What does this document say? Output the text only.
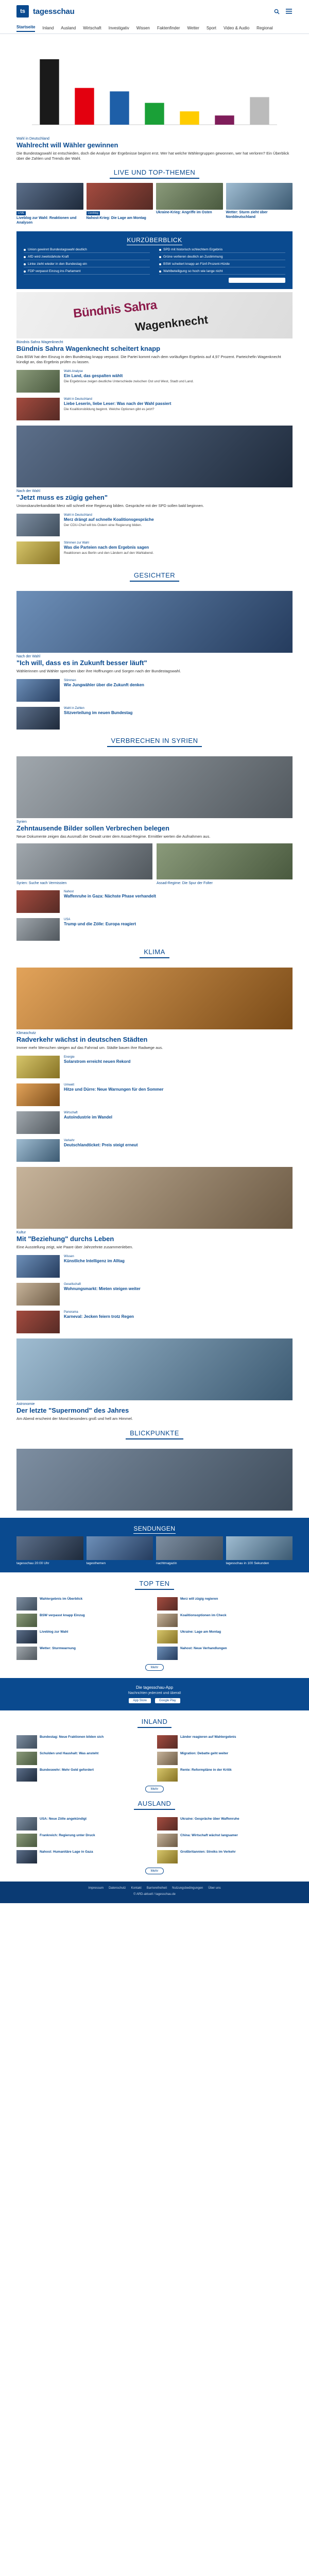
ts	tagesschau
Startseite Inland Ausland Wirtschaft Investigativ Wissen Faktenfinder Wetter Sport Video & Audio Regional
Wahl in Deutschland
Wahlrecht will Wähler gewinnen
Die Bundestagswahl ist entschieden, doch die Analyse der Ergebnisse beginnt erst. Wer hat welche Wählergruppen gewonnen, wer hat verloren? Ein Überblick über die Zahlen und Trends der Wahl.
LIVE UND TOP-THEMEN
LIVE
Liveblog zur Wahl: Reaktionen und Analysen
Liveblog
Nahost-Krieg: Die Lage am Montag
Ukraine-Krieg: Angriffe im Osten	Wetter: Sturm zieht über Norddeutschland
KURZÜBERBLICK
Union gewinnt Bundestagswahl deutlich	SPD mit historisch schlechtem Ergebnis
AfD wird zweitstärkste Kraft	Grüne verlieren deutlich an Zustimmung
Linke zieht wieder in den Bundestag ein	BSW scheitert knapp an Fünf-Prozent-Hürde
FDP verpasst Einzug ins Parlament	Wahlbeteiligung so hoch wie lange nicht
Bündnis Sahra
Wagenknecht
Bündnis Sahra Wagenknecht
Bündnis Sahra Wagenknecht scheitert knapp
Das BSW hat den Einzug in den Bundestag knapp verpasst. Die Partei kommt nach dem vorläufigen Ergebnis auf 4,97 Prozent. Parteichefin Wagenknecht kündigt an, das Ergebnis prüfen zu lassen.
Wahl-Analyse
Ein Land, das gespalten wählt
Die Ergebnisse zeigen deutliche Unterschiede zwischen Ost und West, Stadt und Land.
Wahl in Deutschland
Liebe Leserin, liebe Leser: Was nach der Wahl passiert
Die Koalitionsbildung beginnt. Welche Optionen gibt es jetzt?
Nach der Wahl
"Jetzt muss es zügig gehen"
Unionskanzlerkandidat Merz will schnell eine Regierung bilden. Gespräche mit der SPD sollen bald beginnen.
Wahl in Deutschland
Merz drängt auf schnelle Koalitionsgespräche
Der CDU-Chef will bis Ostern eine Regierung bilden.
Stimmen zur Wahl
Was die Parteien nach dem Ergebnis sagen
Reaktionen aus Berlin und den Ländern auf den Wahlabend.
GESICHTER
Nach der Wahl
"Ich will, dass es in Zukunft besser läuft"
Wählerinnen und Wähler sprechen über ihre Hoffnungen und Sorgen nach der Bundestagswahl.
Stimmen
Wie Jungwähler über die Zukunft denken
Wahl in Zahlen
Sitzverteilung im neuen Bundestag
VERBRECHEN IN SYRIEN
Syrien
Zehntausende Bilder sollen Verbrechen belegen
Neue Dokumente zeigen das Ausmaß der Gewalt unter dem Assad-Regime. Ermittler werten die Aufnahmen aus.
Syrien: Suche nach Vermissten	Assad-Regime: Die Spur der Folter
Nahost
Waffenruhe in Gaza: Nächste Phase verhandelt
USA
Trump und die Zölle: Europa reagiert
KLIMA
Klimaschutz
Radverkehr wächst in deutschen Städten
Immer mehr Menschen steigen auf das Fahrrad um. Städte bauen ihre Radwege aus.
Energie
Solarstrom erreicht neuen Rekord
Umwelt
Hitze und Dürre: Neue Warnungen für den Sommer
Wirtschaft
Autoindustrie im Wandel
Verkehr
Deutschlandticket: Preis steigt erneut
Kultur
Mit "Beziehung" durchs Leben
Eine Ausstellung zeigt, wie Paare über Jahrzehnte zusammenleben.
Wissen
Künstliche Intelligenz im Alltag
Gesellschaft
Wohnungsmarkt: Mieten steigen weiter
Panorama
Karneval: Jecken feiern trotz Regen
Astronomie
Der letzte "Supermond" des Jahres
Am Abend erscheint der Mond besonders groß und hell am Himmel.
BLICKPUNKTE
SENDUNGEN
tagesschau 20:00 Uhr	tagesthemen	nachtmagazin	tagesschau in 100 Sekunden
TOP TEN
Wahlergebnis im Überblick	Merz will zügig regieren
BSW verpasst knapp Einzug	Koalitionsoptionen im Check
Liveblog zur Wahl	Ukraine: Lage am Montag
Wetter: Sturmwarnung	Nahost: Neue Verhandlungen
Mehr
Die tagesschau-App
Nachrichten jederzeit und überall
App Store	Google Play
INLAND
Bundestag: Neue Fraktionen bilden sich	Länder reagieren auf Wahlergebnis
Schulden und Haushalt: Was ansteht	Migration: Debatte geht weiter
Bundeswehr: Mehr Geld gefordert	Rente: Reformpläne in der Kritik
Mehr
AUSLAND
USA: Neue Zölle angekündigt	Ukraine: Gespräche über Waffenruhe
Frankreich: Regierung unter Druck	China: Wirtschaft wächst langsamer
Nahost: Humanitäre Lage in Gaza	Großbritannien: Streiks im Verkehr
Mehr
Impressum Datenschutz Kontakt Barrierefreiheit Nutzungsbedingungen Über uns
© ARD-aktuell / tagesschau.de
